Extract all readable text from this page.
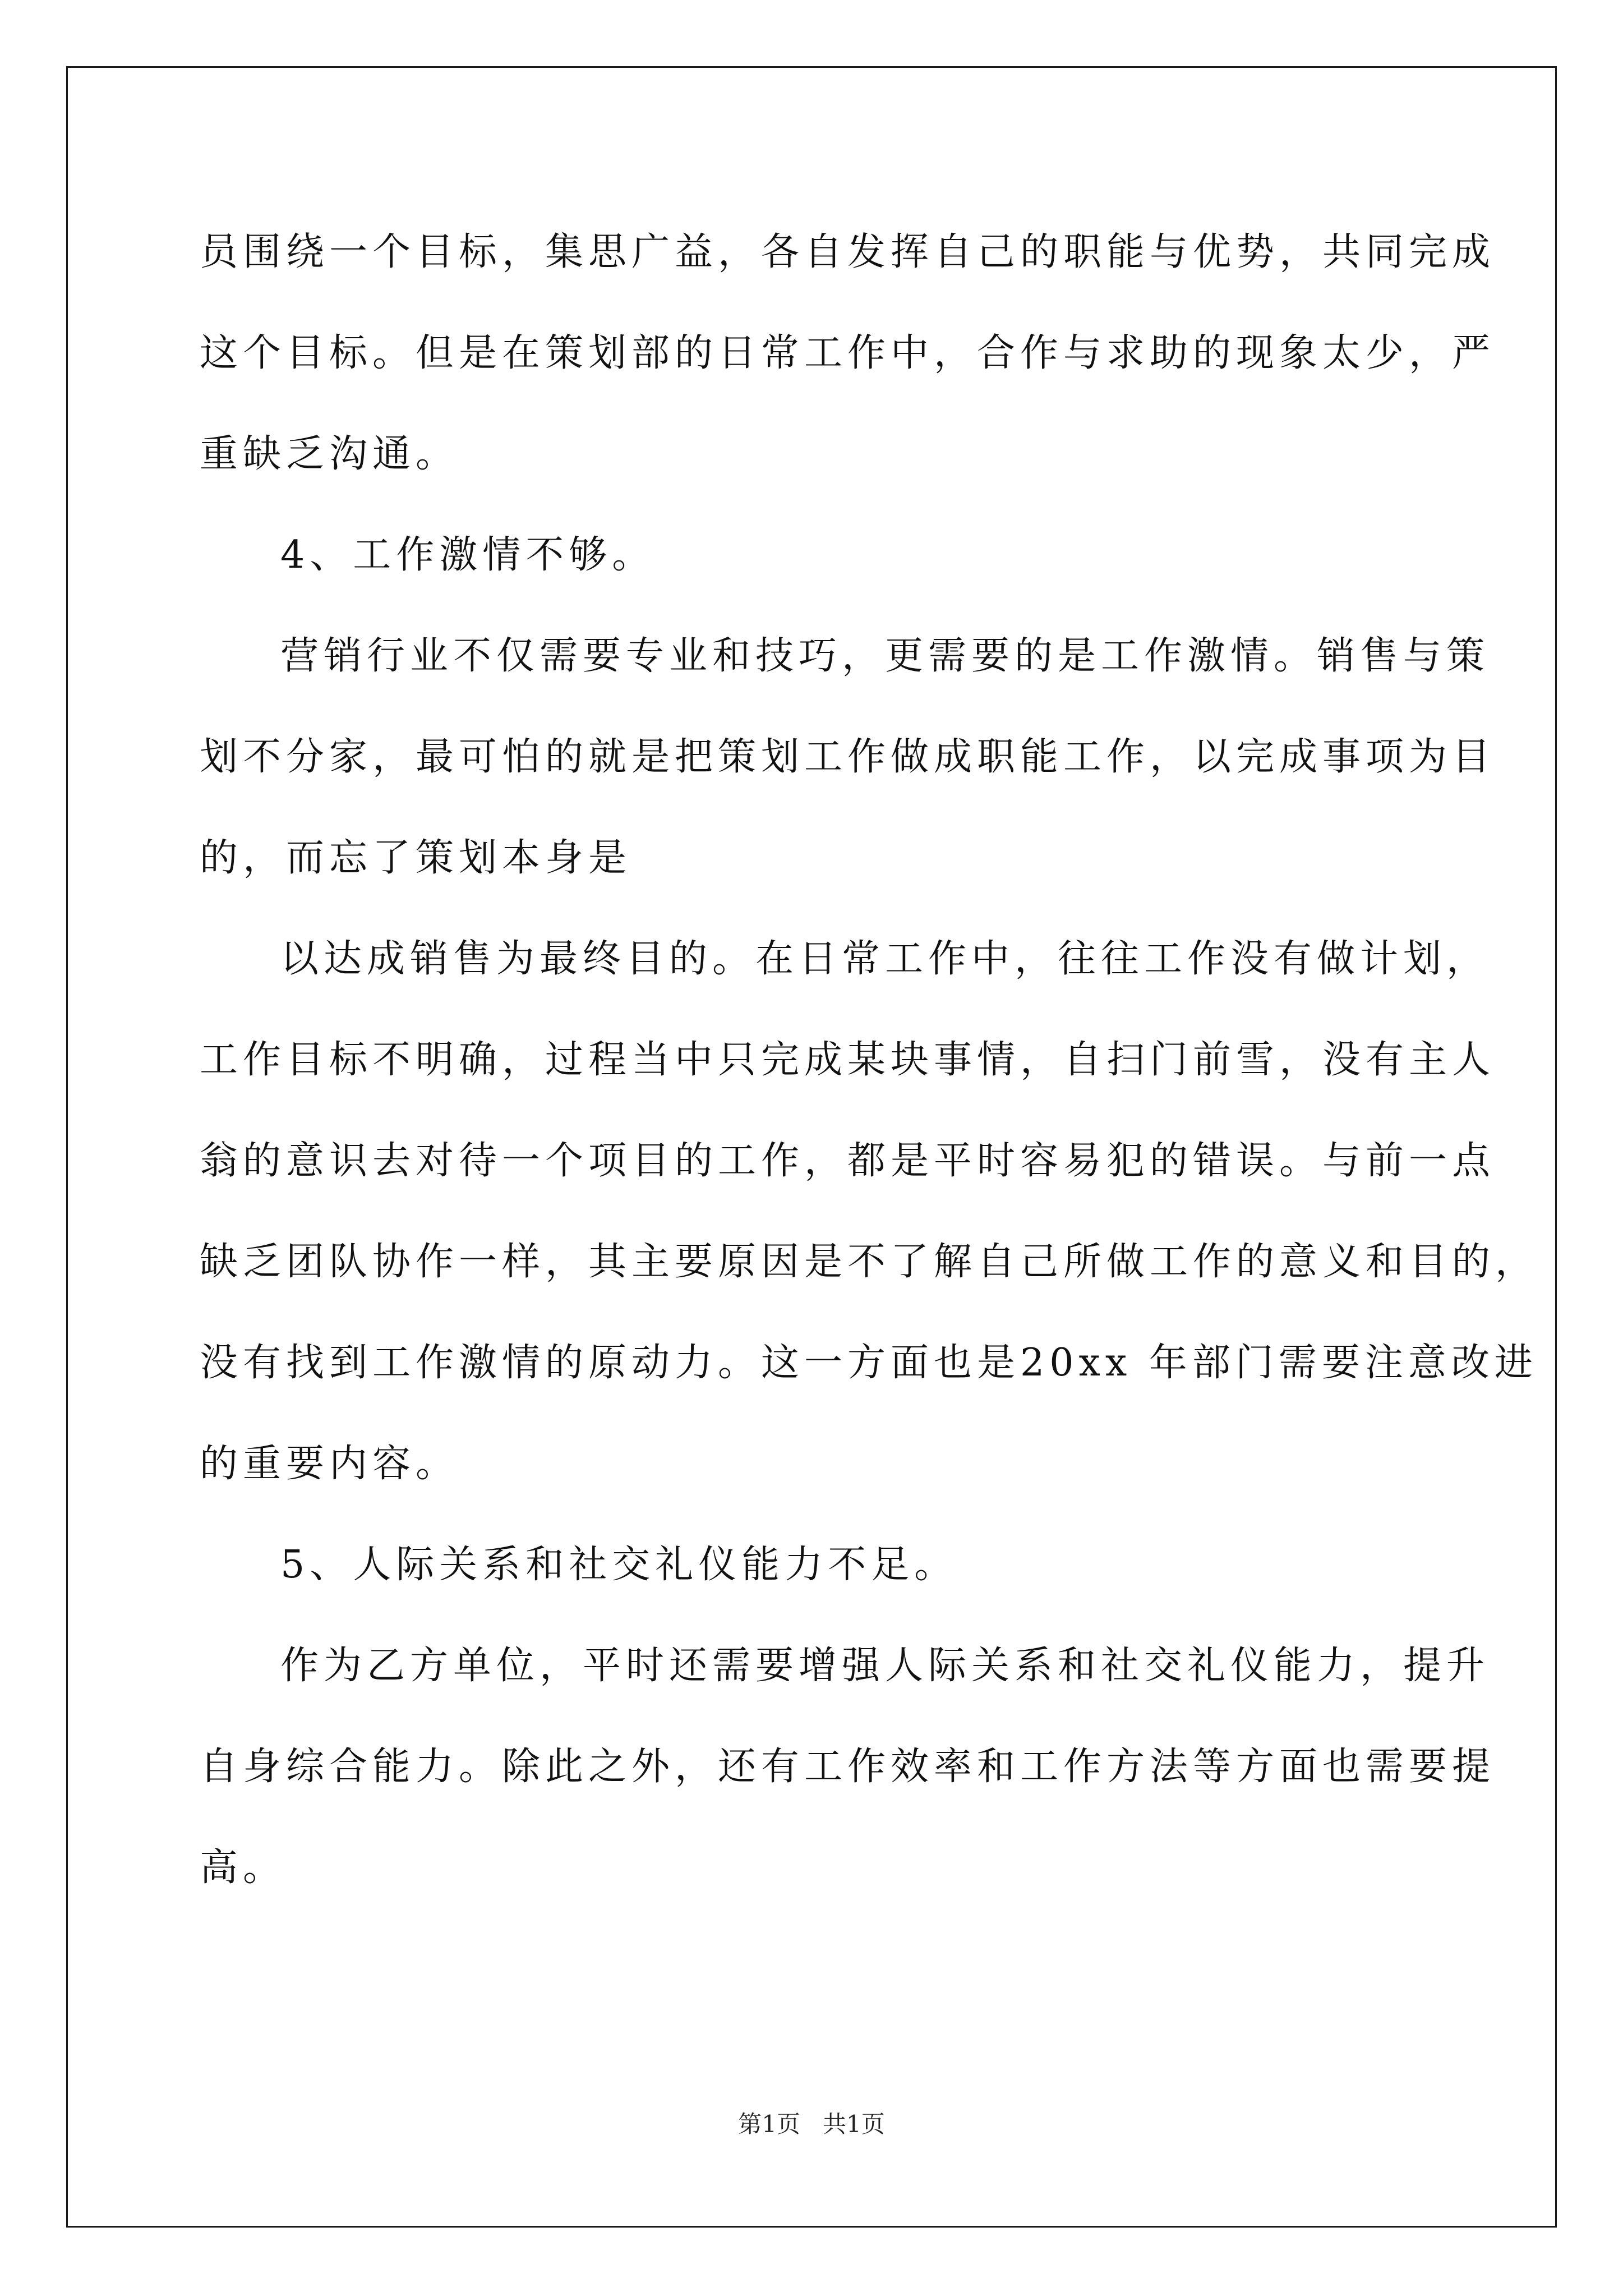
员围绕一个目标，集思广益，各自发挥自己的职能与优势，共同完成
这个目标。但是在策划部的日常工作中，合作与求助的现象太少，严
重缺乏沟通。
4、工作激情不够。
营销行业不仅需要专业和技巧，更需要的是工作激情。销售与策
划不分家，最可怕的就是把策划工作做成职能工作，以完成事项为目
的，而忘了策划本身是
以达成销售为最终目的。在日常工作中，往往工作没有做计划，
工作目标不明确，过程当中只完成某块事情，自扫门前雪，没有主人
翁的意识去对待一个项目的工作，都是平时容易犯的错误。与前一点
缺乏团队协作一样，其主要原因是不了解自己所做工作的意义和目的，
没有找到工作激情的原动力。这一方面也是20xx 年部门需要注意改进
的重要内容。
5、人际关系和社交礼仪能力不足。
作为乙方单位，平时还需要增强人际关系和社交礼仪能力，提升
自身综合能力。除此之外，还有工作效率和工作方法等方面也需要提
高。
第1页 共1页
